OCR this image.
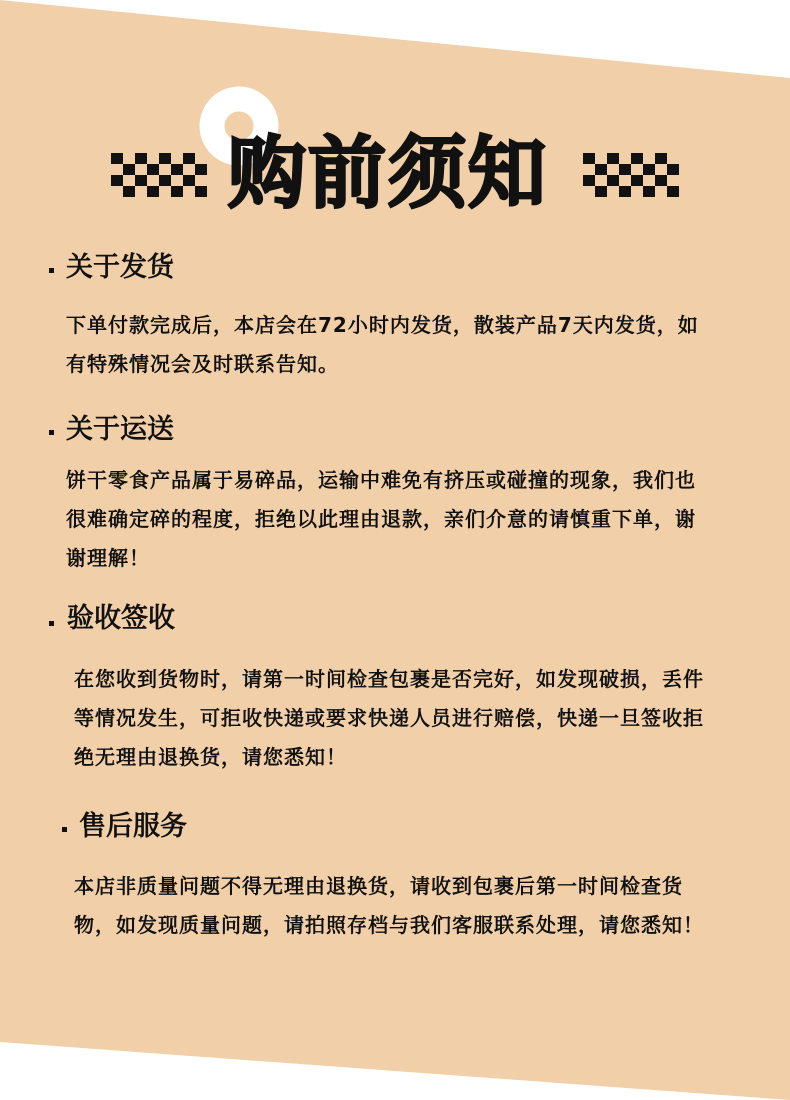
购前须知
关于发货

下单付款完成后，本店会在72小时内发货，散装产品7天内发货，如有特殊情况会及时联系告知。

关于运送

饼干零食产品属于易碎品，运输中难免有挤压或碰撞的现象，我们也很难确定碎的程度，拒绝以此理由退款，亲们介意的请慎重下单，谢谢理解！

验收签收

在您收到货物时，请第一时间检查包裹是否完好，如发现破损，丢件等情况发生，可拒收快递或要求快递人员进行赔偿，快递一旦签收拒绝无理由退换货，请您悉知！

售后服务

本店非质量问题不得无理由退换货，请收到包裹后第一时间检查货物，如发现质量问题，请拍照存档与我们客服联系处理，请您悉知！
